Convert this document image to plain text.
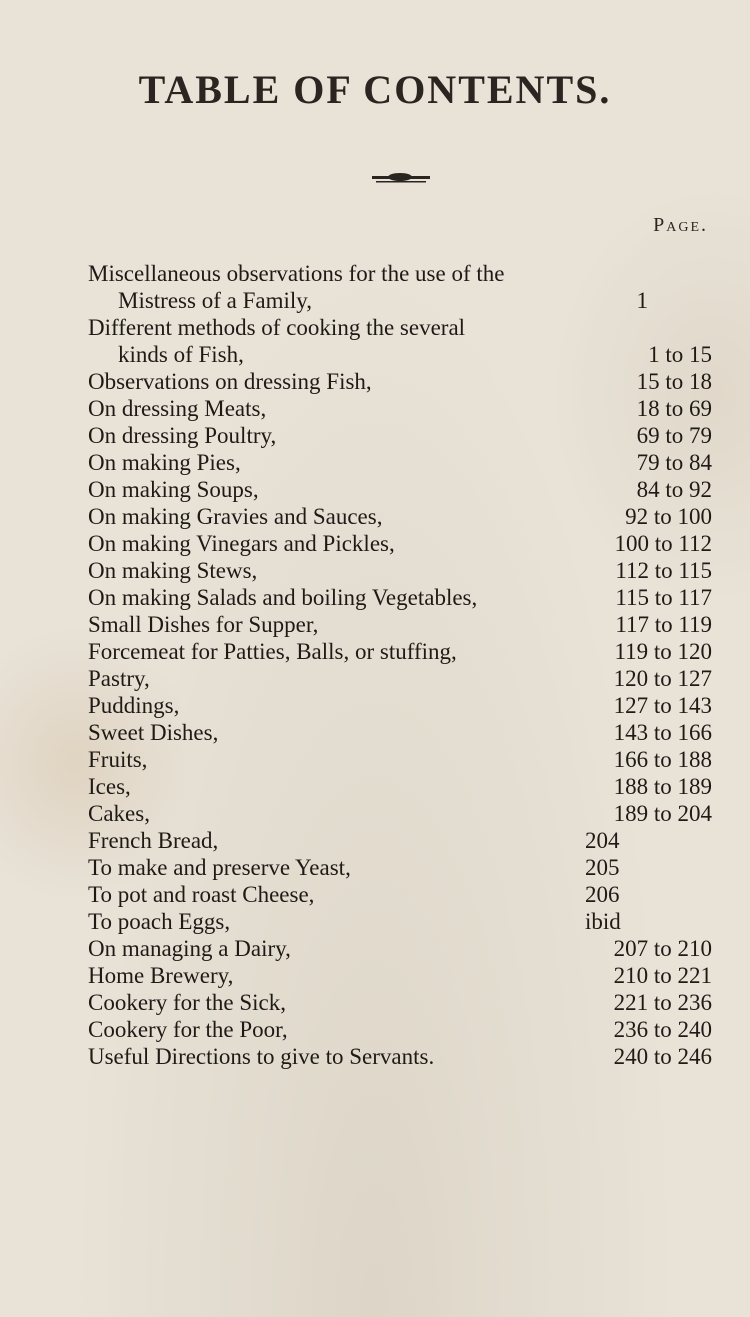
TABLE OF CONTENTS.
Page.
Miscellaneous observations for the use of the
Mistress of a Family,	1
Different methods of cooking the several
kinds of Fish,	1 to 15
Observations on dressing Fish,	15 to 18
On dressing Meats,	18 to 69
On dressing Poultry,	69 to 79
On making Pies,	79 to 84
On making Soups,	84 to 92
On making Gravies and Sauces,	92 to 100
On making Vinegars and Pickles,	100 to 112
On making Stews,	112 to 115
On making Salads and boiling Vegetables,	115 to 117
Small Dishes for Supper,	117 to 119
Forcemeat for Patties, Balls, or stuffing,	119 to 120
Pastry,	120 to 127
Puddings,	127 to 143
Sweet Dishes,	143 to 166
Fruits,	166 to 188
Ices,	188 to 189
Cakes,	189 to 204
French Bread,	204
To make and preserve Yeast,	205
To pot and roast Cheese,	206
To poach Eggs,	ibid
On managing a Dairy,	207 to 210
Home Brewery,	210 to 221
Cookery for the Sick,	221 to 236
Cookery for the Poor,	236 to 240
Useful Directions to give to Servants.	240 to 246
